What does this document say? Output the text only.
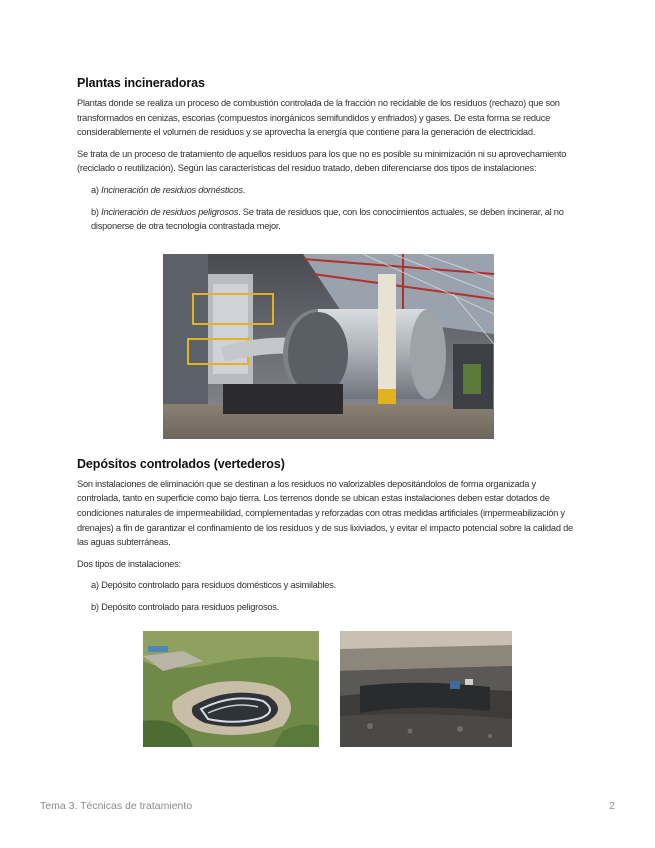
Plantas incineradoras

Plantas donde se realiza un proceso de combustión controlada de la fracción no recidable de los residuos (rechazo) que son transformados en cenizas, escorias (compuestos inorgánicos semifundidos y enfriados) y gases. De esta forma se reduce considerablemente el volumen de residuos y se aprovecha la energía que contiene para la generación de electricidad.

Se trata de un proceso de tratamiento de aquellos residuos para los que no es posible su minimización ni su aprovechamiento (reciclado o reutilización). Según las características del residuo tratado, deben diferenciarse dos tipos de instalaciones:

a) Incineración de residuos domésticos.

b) Incineración de residuos peligrosos. Se trata de residuos que, con los conocimientos actuales, se deben incinerar, al no disponerse de otra tecnología contrastada mejor.

Depósitos controlados (vertederos)

Son instalaciones de eliminación que se destinan a los residuos no valorizables depositándolos de forma organizada y controlada, tanto en superficie como bajo tierra. Los terrenos donde se ubican estas instalaciones deben estar dotados de condiciones naturales de impermeabilidad, complementadas y reforzadas con otras medidas artificiales (impermeabilización y drenajes) a fin de garantizar el confinamiento de los residuos y de sus lixiviados, y evitar el impacto potencial sobre la calidad de las aguas subterráneas.

Dos tipos de instalaciones:

a) Depósito controlado para residuos domésticos y asimilables.

b) Depósito controlado para residuos peligrosos.

Tema 3. Técnicas de tratamiento	2
